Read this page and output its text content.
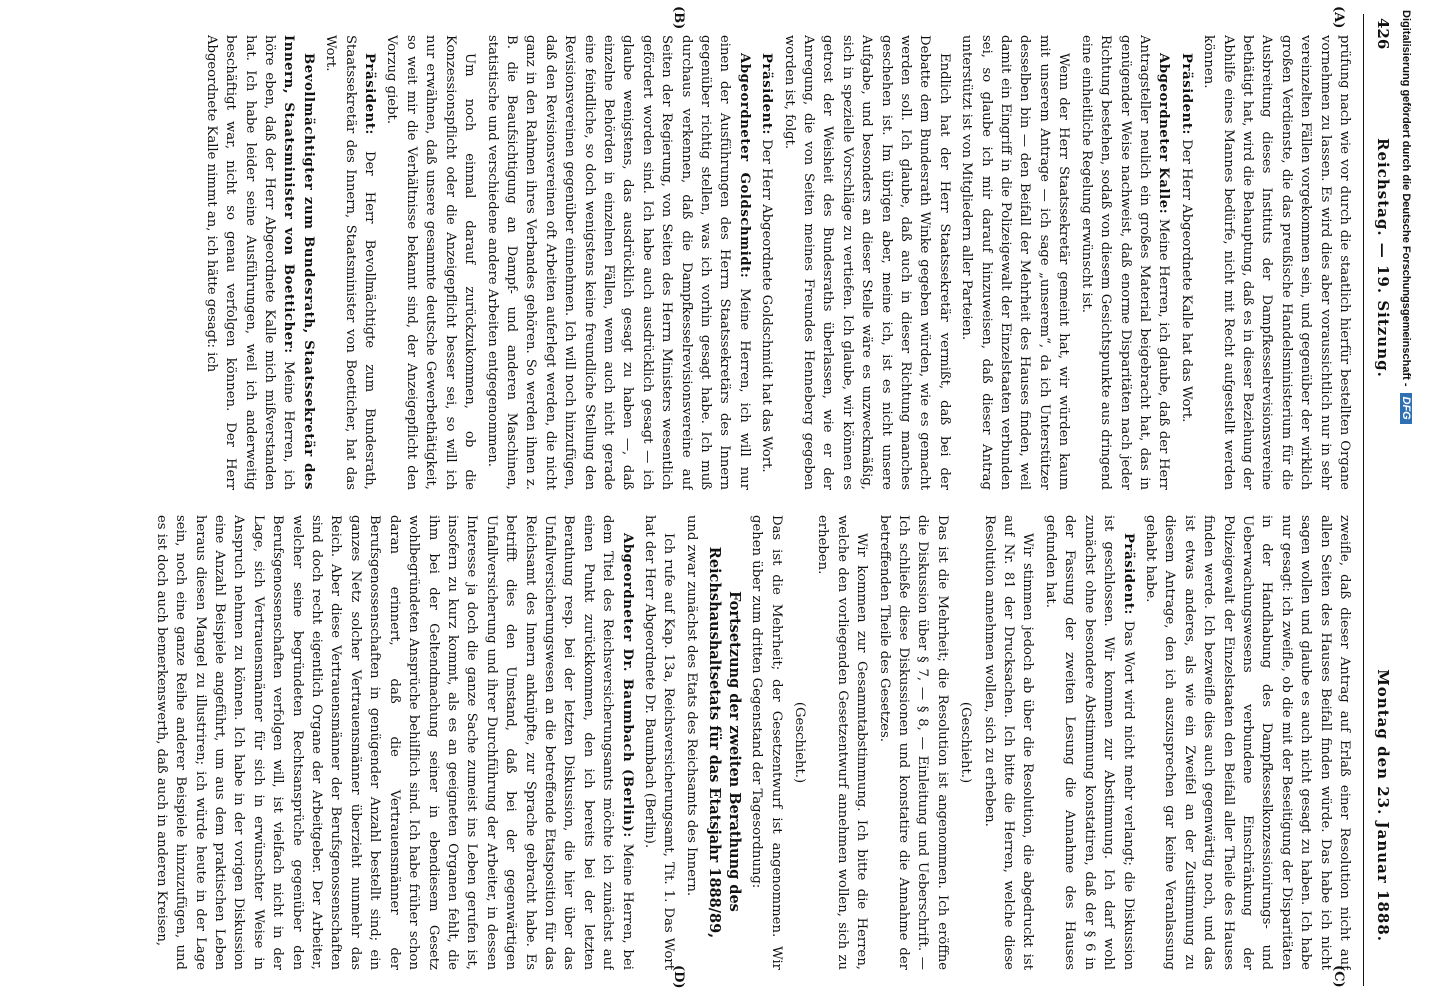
426
Reichstag. — 19. Sitzung.
Montag den 23. Januar 1888.
(A)
(B)
(C)
(D)

prüfung nach wie vor durch die staatlich hierfür bestellten Organe vornehmen zu lassen. Es wird dies aber voraussichtlich nur in sehr vereinzelten Fällen vorgekommen sein, und gegenüber der wirklich großen Verdienste, die das preußische Handelsministerium für die Ausbreitung dieses Instituts der Dampfkesselrevisionsvereine bethätigt hat, wird die Behauptung, daß es in dieser Beziehung der Abhilfe eines Mannes bedürfe, nicht mit Recht aufgestellt werden können.

Präsident: Der Herr Abgeordnete Kalle hat das Wort.

Abgeordneter Kalle: Meine Herren, ich glaube, daß der Herr Antragsteller neulich ein großes Material beigebracht hat, das in genügender Weise nachweist, daß enorme Disparitäten nach jeder Richtung bestehen, sodaß von diesem Gesichtspunkte aus dringend eine einheitliche Regelung erwünscht ist.

Wenn der Herr Staatssekretär gemeint hat, wir würden kaum mit unserem Antrage — ich sage „unserem“, da ich Unterstützer desselben bin — den Beifall der Mehrheit des Hauses finden, weil damit ein Eingriff in die Polizeigewalt der Einzelstaaten verbunden sei, so glaube ich mir darauf hinzuweisen, daß dieser Antrag unterstützt ist von Mitgliedern aller Parteien.

Endlich hat der Herr Staatssekretär vermißt, daß bei der Debatte dem Bundesrath Winke gegeben würden, wie es gemacht werden soll. Ich glaube, daß auch in dieser Richtung manches geschehen ist. Im übrigen aber, meine ich, ist es nicht unsere Aufgabe, und besonders an dieser Stelle wäre es unzweckmäßig, sich in spezielle Vorschläge zu vertiefen. Ich glaube, wir können es getrost der Weisheit des Bundesraths überlassen, wie er der Anregung, die von Seiten meines Freundes Henneberg gegeben worden ist, folgt.

Präsident: Der Herr Abgeordnete Goldschmidt hat das Wort.

Abgeordneter Goldschmidt: Meine Herren, ich will nur einen der Ausführungen des Herrn Staatssekretärs des Innern gegenüber richtig stellen, was ich vorhin gesagt habe. Ich muß durchaus verkennen, daß die Dampfkesselrevisionsvereine auf Seiten der Regierung, von Seiten des Herrn Ministers wesentlich gefördert worden sind. Ich habe auch ausdrücklich gesagt — ich glaube wenigstens, das ausdrücklich gesagt zu haben —, daß einzelne Behörden in einzelnen Fällen, wenn auch nicht gerade eine feindliche, so doch wenigstens keine freundliche Stellung den Revisionsvereinen gegenüber einnehmen. Ich will noch hinzufügen, daß den Revisionsvereinen oft Arbeiten auferlegt werden, die nicht ganz in den Rahmen ihres Verbandes gehören. So werden ihnen z. B. die Beaufsichtigung an Dampf- und anderen Maschinen, statistische und verschiedene andere Arbeiten entgegenommen.

Um noch einmal darauf zurückzukommen, ob die Konzessionspflicht oder die Anzeigepflicht besser sei, so will ich nur erwähnen, daß unsere gesammte deutsche Gewerbethätigkeit, so weit mir die Verhältnisse bekannt sind, der Anzeigepflicht den Vorzug giebt.

Präsident: Der Herr Bevollmächtigte zum Bundesrath, Staatssekretär des Innern, Staatsminister von Boetticher, hat das Wort.

Bevollmächtigter zum Bundesrath, Staatssekretär des Innern, Staatsminister von Boetticher: Meine Herren, ich höre eben, daß der Herr Abgeordnete Kalle mich mißverstanden hat. Ich habe leider seine Ausführungen, weil ich anderweitig beschäftigt war, nicht so genau verfolgen können. Der Herr Abgeordnete Kalle nimmt an, ich hätte gesagt: ich

zweifle, daß dieser Antrag auf Erlaß einer Resolution nicht auf allen Seiten des Hauses Beifall finden würde. Das habe ich nicht sagen wollen und glaube es auch nicht gesagt zu haben. Ich habe nur gesagt: ich zweifle, ob die mit der Beseitigung der Disparitäten in der Handhabung des Dampfkesselkonzessionirungs- und Ueberwachungswesens verbundene Einschränkung der Polizeigewalt der Einzelstaaten den Beifall aller Theile des Hauses finden werde. Ich bezweifle dies auch gegenwärtig noch, und das ist etwas anderes, als wie ein Zweifel an der Zustimmung zu diesem Antrage, den ich auszusprechen gar keine Veranlassung gehabt habe.

Präsident: Das Wort wird nicht mehr verlangt; die Diskussion ist geschlossen. Wir kommen zur Abstimmung. Ich darf wohl zunächst ohne besondere Abstimmung konstatiren, daß der § 6 in der Fassung der zweiten Lesung die Annahme des Hauses gefunden hat.

Wir stimmen jedoch ab über die Resolution, die abgedruckt ist auf Nr. 81 der Drucksachen. Ich bitte die Herren, welche diese Resolution annehmen wollen, sich zu erheben.

(Geschieht.)

Das ist die Mehrheit; die Resolution ist angenommen. Ich eröffne die Diskussion über § 7, — § 8, — Einleitung und Ueberschrift. — Ich schließe diese Diskussionen und konstatire die Annahme der betreffenden Theile des Gesetzes.

Wir kommen zur Gesammtabstimmung. Ich bitte die Herren, welche den vorliegenden Gesetzentwurf annehmen wollen, sich zu erheben.

(Geschieht.)

Das ist die Mehrheit; der Gesetzentwurf ist angenommen. Wir gehen über zum dritten Gegenstand der Tagesordnung:

Fortsetzung der zweiten Berathung des Reichshaushaltsetats für das Etatsjahr 1888/89,

und zwar zunächst des Etats des Reichsamts des Innern.

Ich rufe auf Kap. 13a, Reichsversicherungsamt, Tit. 1. Das Wort hat der Herr Abgeordnete Dr. Baumbach (Berlin).

Abgeordneter Dr. Baumbach (Berlin): Meine Herren, bei dem Titel des Reichsversicherungsamts möchte ich zunächst auf einen Punkt zurückkommen, den ich bereits bei der letzten Berathung resp. bei der letzten Diskussion, die hier über das Unfallversicherungswesen an die betreffende Etatsposition für das Reichsamt des Innern anknüpfte, zur Sprache gebracht habe. Es betrifft dies den Umstand, daß bei der gegenwärtigen Unfallversicherung und ihrer Durchführung der Arbeiter, in dessen Interesse ja doch die ganze Sache zumeist ins Leben gerufen ist, insofern zu kurz kommt, als es an geeigneten Organen fehlt, die ihm bei der Geltendmachung seiner in ebendiesem Gesetz wohlbegründeten Ansprüche behilflich sind. Ich habe früher schon daran erinnert, daß die Vertrauensmänner der Berufsgenossenschaften in genügender Anzahl bestellt sind; ein ganzes Netz solcher Vertrauensmänner überzieht nunmehr das Reich. Aber diese Vertrauensmänner der Berufsgenossenschaften sind doch recht eigentlich Organe der Arbeitgeber. Der Arbeiter, welcher seine begründeten Rechtsansprüche gegenüber den Berufsgenossenschaften verfolgen will, ist vielfach nicht in der Lage, sich Vertrauensmänner für sich in erwünschter Weise in Anspruch nehmen zu können. Ich habe in der vorigen Diskussion eine Anzahl Beispiele angeführt, um aus dem praktischen Leben heraus diesen Mangel zu illustriren; ich würde heute in der Lage sein, noch eine ganze Reihe anderer Beispiele hinzuzufügen, und es ist doch auch bemerkenswerth, daß auch in anderen Kreisen,

Digitalisierung gefördert durch die Deutsche Forschungsgemeinschaft -DFG
